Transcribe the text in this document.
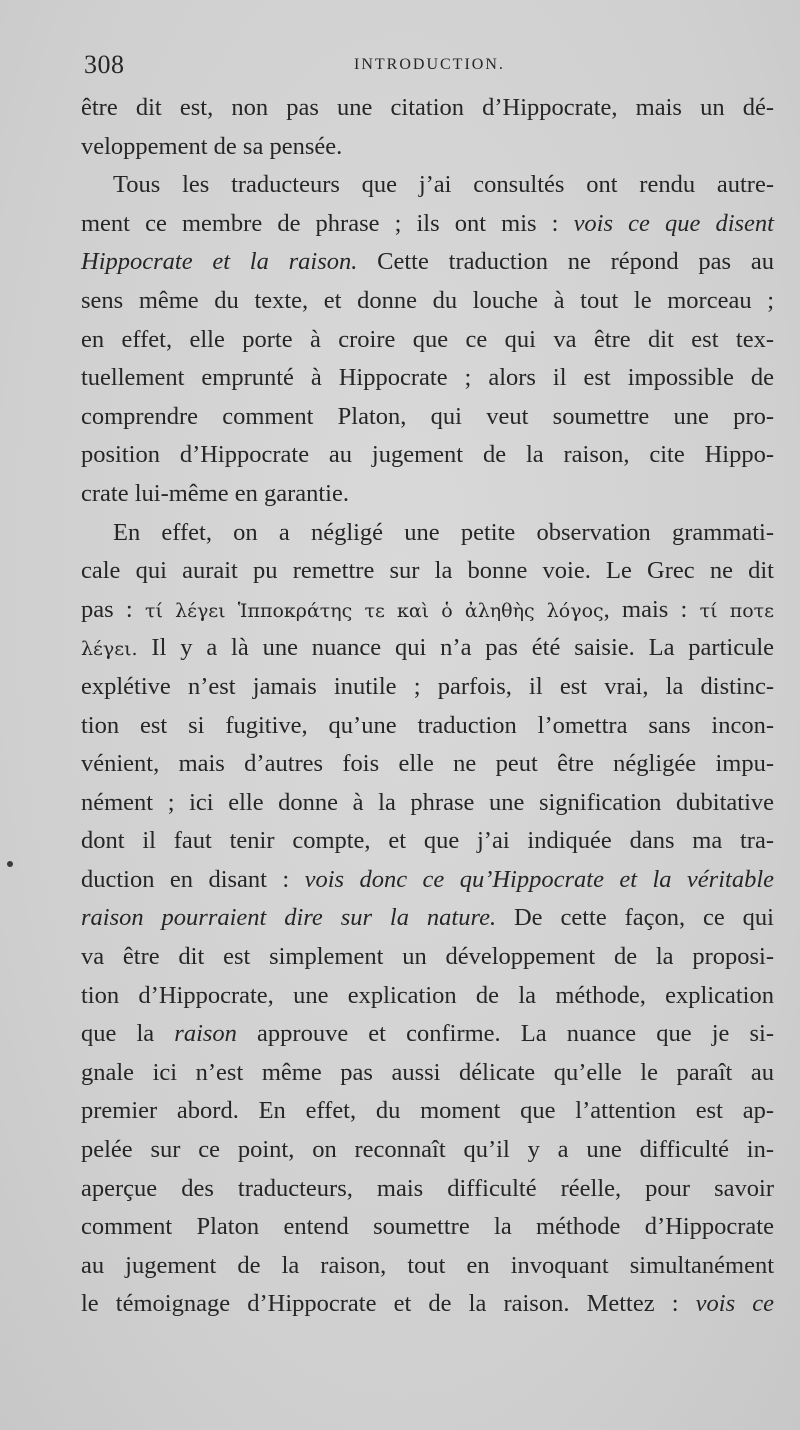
308	INTRODUCTION.
être dit est, non pas une citation d’Hippocrate, mais un dé-
veloppement de sa pensée.
Tous les traducteurs que j’ai consultés ont rendu autre-
ment ce membre de phrase ; ils ont mis : vois ce que disent
Hippocrate et la raison. Cette traduction ne répond pas au
sens même du texte, et donne du louche à tout le morceau ;
en effet, elle porte à croire que ce qui va être dit est tex-
tuellement emprunté à Hippocrate ; alors il est impossible de
comprendre comment Platon, qui veut soumettre une pro-
position d’Hippocrate au jugement de la raison, cite Hippo-
crate lui-même en garantie.
En effet, on a négligé une petite observation grammati-
cale qui aurait pu remettre sur la bonne voie. Le Grec ne dit
pas : τί λέγει Ἱπποκράτης τε καὶ ὁ ἀληθὴς λόγος, mais : τί ποτε
λέγει. Il y a là une nuance qui n’a pas été saisie. La particule
explétive n’est jamais inutile ; parfois, il est vrai, la distinc-
tion est si fugitive, qu’une traduction l’omettra sans incon-
vénient, mais d’autres fois elle ne peut être négligée impu-
nément ; ici elle donne à la phrase une signification dubitative
dont il faut tenir compte, et que j’ai indiquée dans ma tra-
duction en disant : vois donc ce qu’Hippocrate et la véritable
raison pourraient dire sur la nature. De cette façon, ce qui
va être dit est simplement un développement de la proposi-
tion d’Hippocrate, une explication de la méthode, explication
que la raison approuve et confirme. La nuance que je si-
gnale ici n’est même pas aussi délicate qu’elle le paraît au
premier abord. En effet, du moment que l’attention est ap-
pelée sur ce point, on reconnaît qu’il y a une difficulté in-
aperçue des traducteurs, mais difficulté réelle, pour savoir
comment Platon entend soumettre la méthode d’Hippocrate
au jugement de la raison, tout en invoquant simultanément
le témoignage d’Hippocrate et de la raison. Mettez : vois ce
